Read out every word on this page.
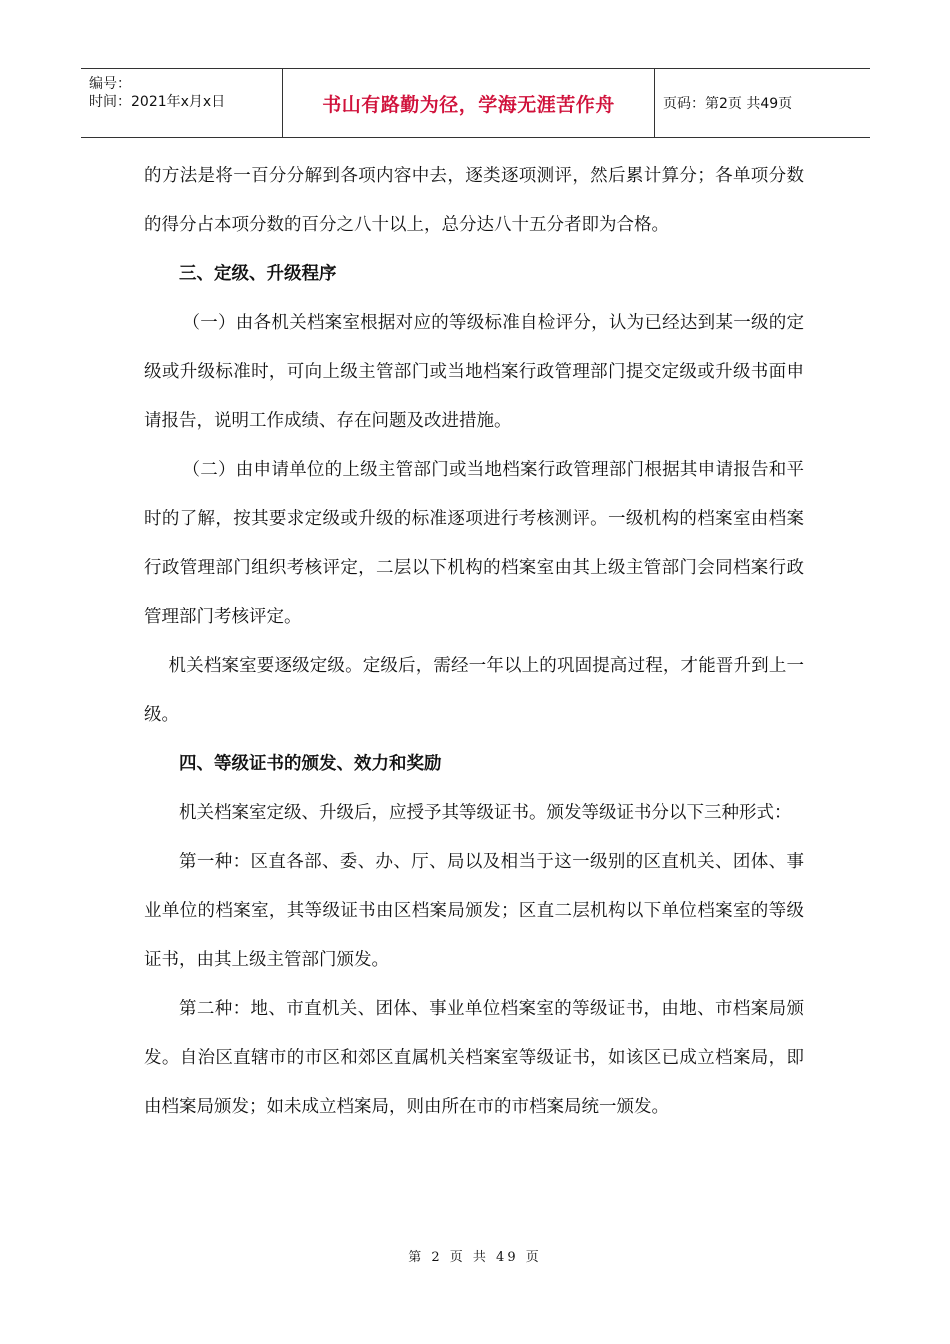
编号：
时间：2021年x月x日	书山有路勤为径，学海无涯苦作舟	页码：第2页 共49页

的方法是将一百分分解到各项内容中去，逐类逐项测评，然后累计算分；各单项分数的得分占本项分数的百分之八十以上，总分达八十五分者即为合格。

三、定级、升级程序

（一）由各机关档案室根据对应的等级标准自检评分，认为已经达到某一级的定级或升级标准时，可向上级主管部门或当地档案行政管理部门提交定级或升级书面申请报告，说明工作成绩、存在问题及改进措施。

（二）由申请单位的上级主管部门或当地档案行政管理部门根据其申请报告和平时的了解，按其要求定级或升级的标准逐项进行考核测评。一级机构的档案室由档案行政管理部门组织考核评定，二层以下机构的档案室由其上级主管部门会同档案行政管理部门考核评定。

机关档案室要逐级定级。定级后，需经一年以上的巩固提高过程，才能晋升到上一级。

四、等级证书的颁发、效力和奖励

机关档案室定级、升级后，应授予其等级证书。颁发等级证书分以下三种形式：

第一种：区直各部、委、办、厅、局以及相当于这一级别的区直机关、团体、事业单位的档案室，其等级证书由区档案局颁发；区直二层机构以下单位档案室的等级证书，由其上级主管部门颁发。

第二种：地、市直机关、团体、事业单位档案室的等级证书，由地、市档案局颁发。自治区直辖市的市区和郊区直属机关档案室等级证书，如该区已成立档案局，即由档案局颁发；如未成立档案局，则由所在市的市档案局统一颁发。

第 2 页 共 49 页
